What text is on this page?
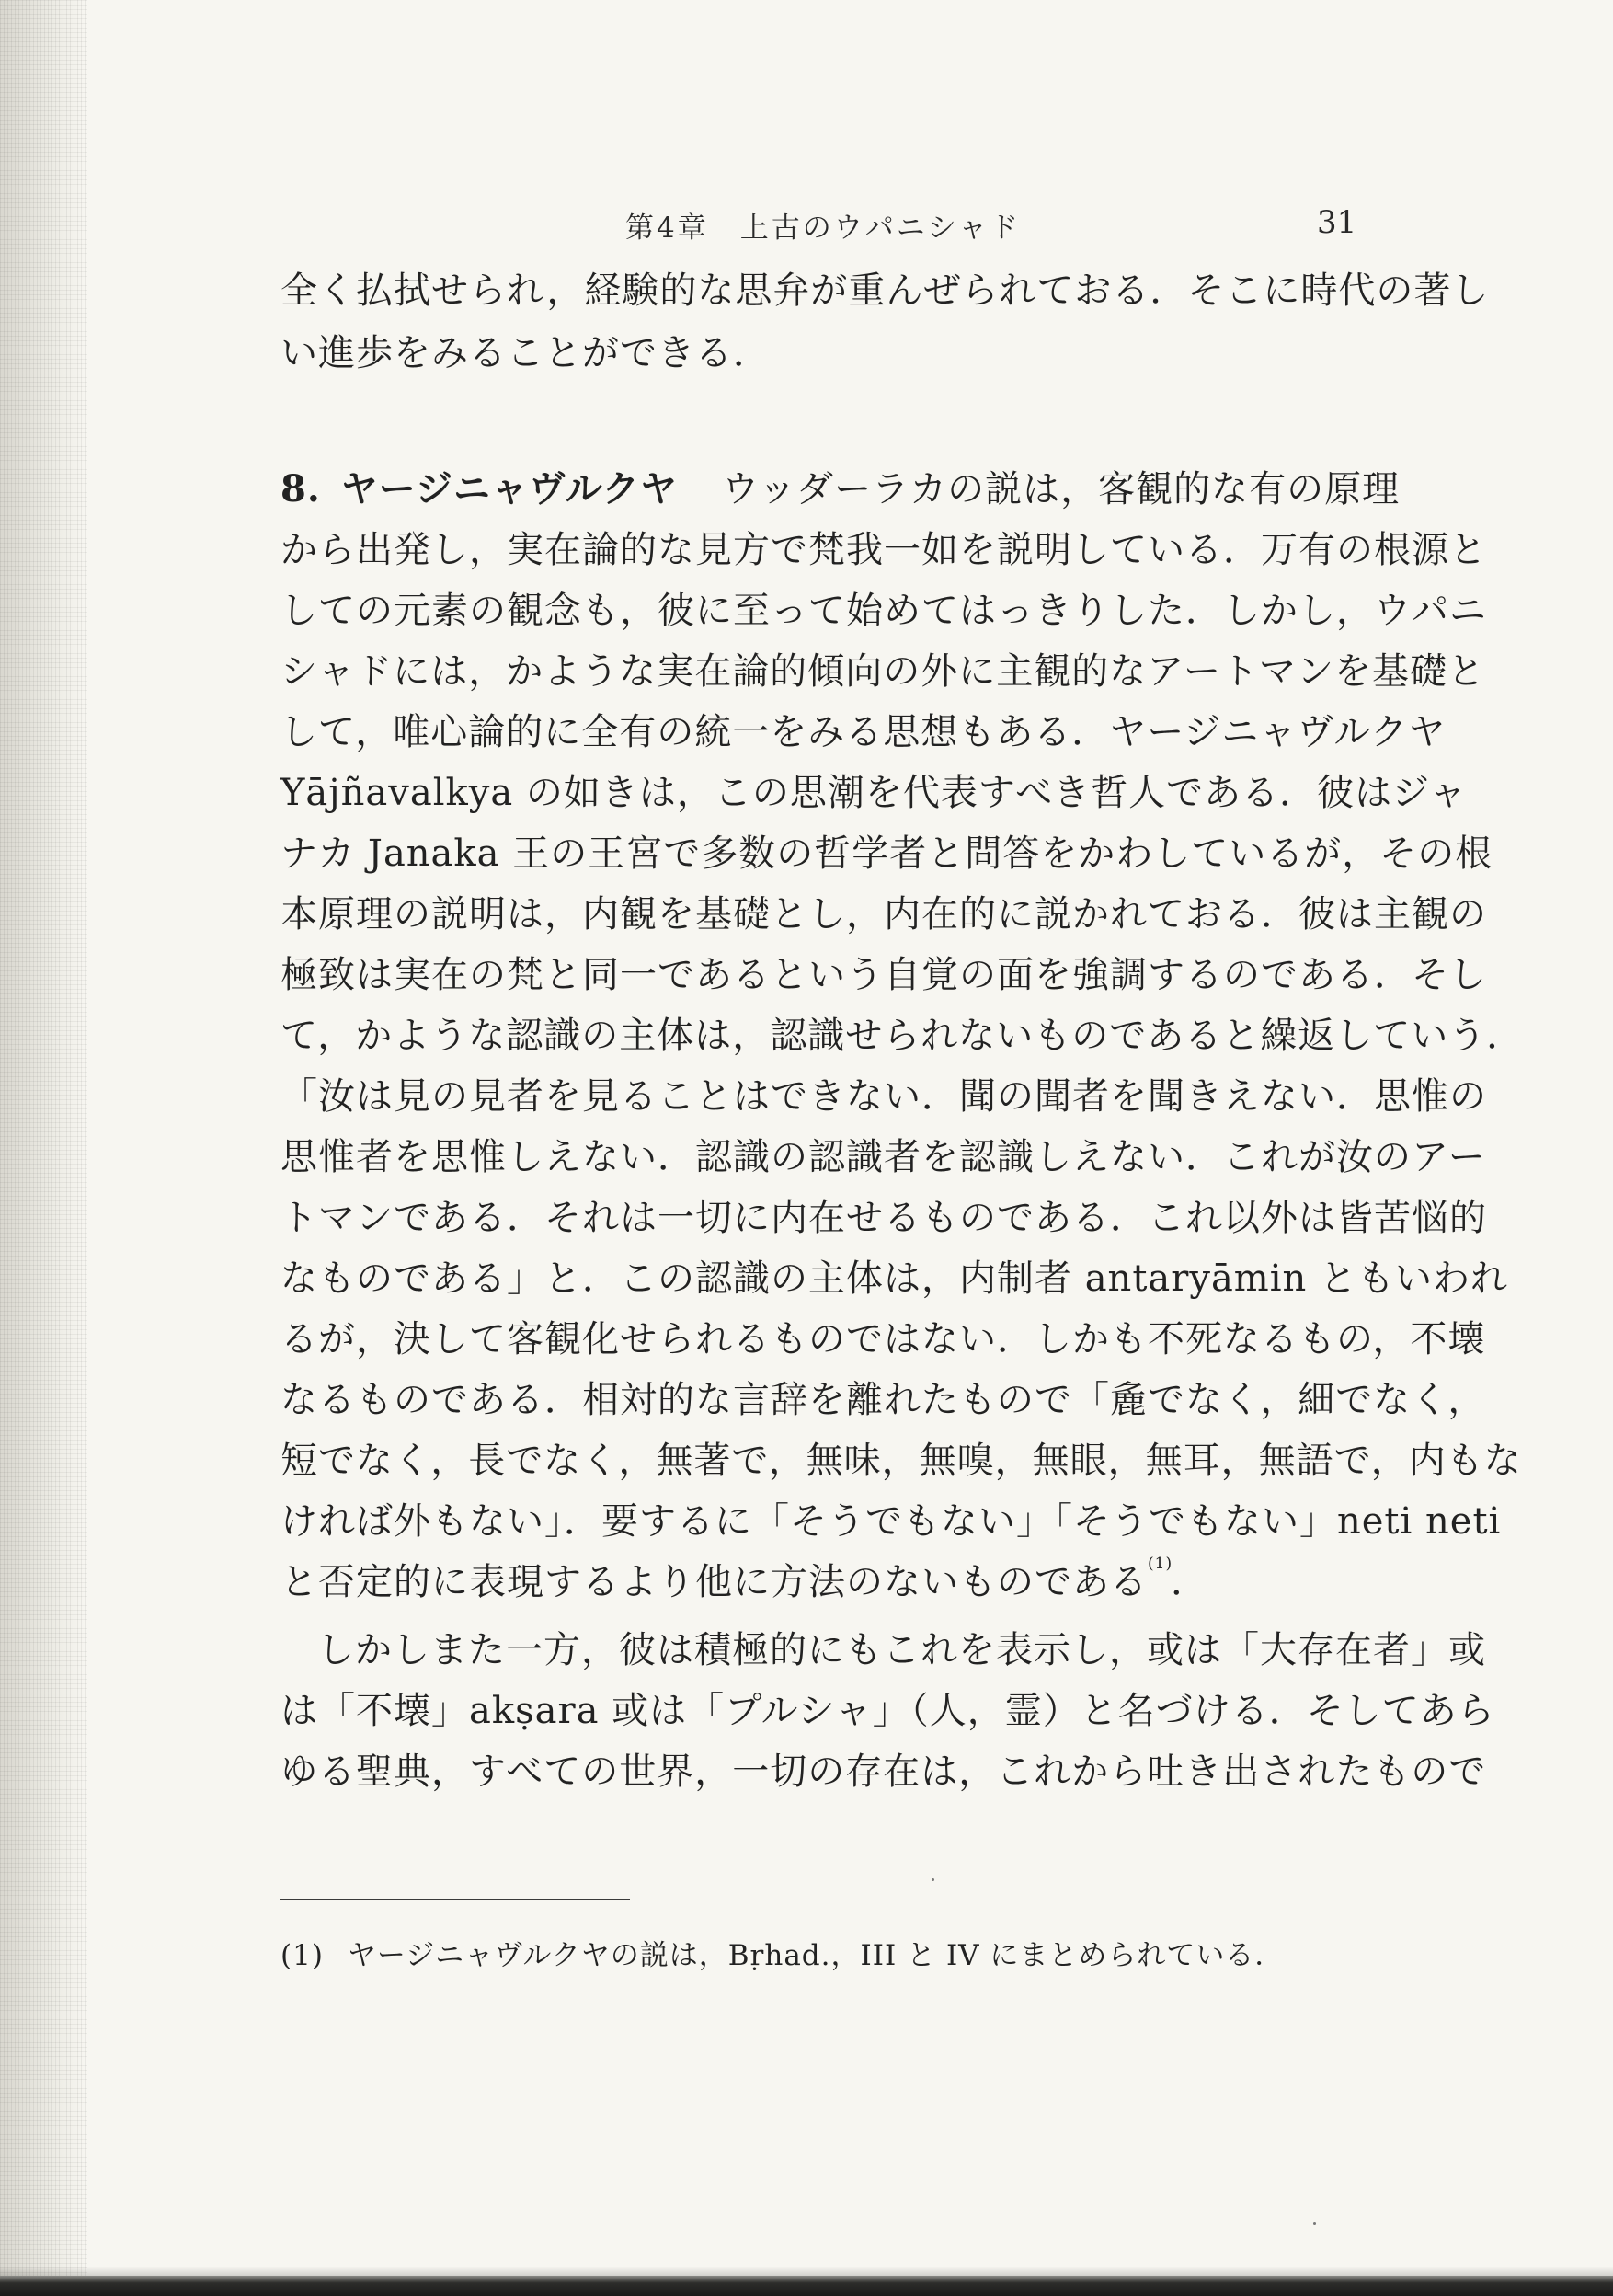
第4章　上古のウパニシャド	31
全く払拭せられ，経験的な思弁が重んぜられておる．そこに時代の著し
い進歩をみることができる．
8. ヤージニャヴルクヤ ウッダーラカの説は，客観的な有の原理
から出発し，実在論的な見方で梵我一如を説明している．万有の根源と
しての元素の観念も，彼に至って始めてはっきりした．しかし，ウパニ
シャドには，かような実在論的傾向の外に主観的なアートマンを基礎と
して，唯心論的に全有の統一をみる思想もある．ヤージニャヴルクヤ
Yājñavalkya の如きは，この思潮を代表すべき哲人である．彼はジャ
ナカ Janaka 王の王宮で多数の哲学者と問答をかわしているが，その根
本原理の説明は，内観を基礎とし，内在的に説かれておる．彼は主観の
極致は実在の梵と同一であるという自覚の面を強調するのである．そし
て，かような認識の主体は，認識せられないものであると繰返していう．
「汝は見の見者を見ることはできない．聞の聞者を聞きえない．思惟の
思惟者を思惟しえない．認識の認識者を認識しえない．これが汝のアー
トマンである．それは一切に内在せるものである．これ以外は皆苦悩的
なものである」と．この認識の主体は，内制者 antaryāmin ともいわれ
るが，決して客観化せられるものではない．しかも不死なるもの，不壊
なるものである．相対的な言辞を離れたもので「麁でなく，細でなく，
短でなく，長でなく，無著で，無味，無嗅，無眼，無耳，無語で，内もな
ければ外もない」．要するに「そうでもない」「そうでもない」neti neti
と否定的に表現するより他に方法のないものである(1)．
しかしまた一方，彼は積極的にもこれを表示し，或は「大存在者」或
は「不壊」akṣara 或は「プルシャ」（人，霊）と名づける．そしてあら
ゆる聖典，すべての世界，一切の存在は，これから吐き出されたもので
(1) ヤージニャヴルクヤの説は，Bṛhad.，III と IV にまとめられている．
